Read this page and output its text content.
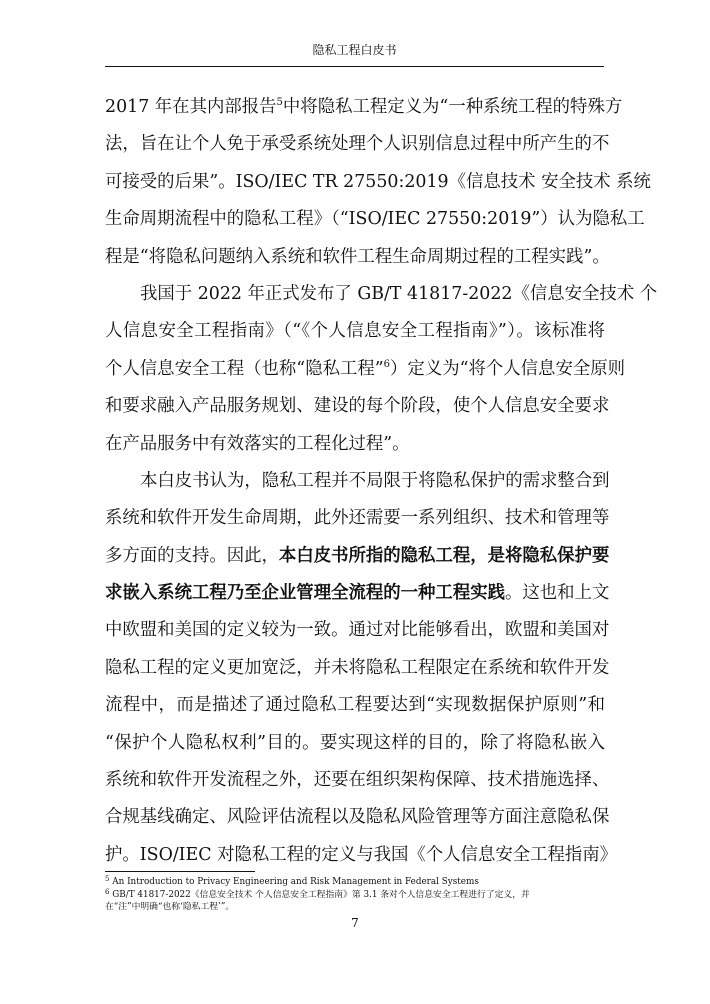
隐私工程白皮书
2017 年在其内部报告$^5$中将隐私工程定义为“一种系统工程的特殊方
法，旨在让个人免于承受系统处理个人识别信息过程中所产生的不
可接受的后果”。ISO/IEC TR 27550:2019《信息技术 安全技术 系统
生命周期流程中的隐私工程》（“ISO/IEC 27550:2019”）认为隐私工
程是“将隐私问题纳入系统和软件工程生命周期过程的工程实践”。
我国于 2022 年正式发布了 GB/T 41817-2022《信息安全技术 个
人信息安全工程指南》（“《个人信息安全工程指南》”）。该标准将
个人信息安全工程（也称“隐私工程”$^6$）定义为“将个人信息安全原则
和要求融入产品服务规划、建设的每个阶段，使个人信息安全要求
在产品服务中有效落实的工程化过程”。
本白皮书认为，隐私工程并不局限于将隐私保护的需求整合到
系统和软件开发生命周期，此外还需要一系列组织、技术和管理等
多方面的支持。因此，本白皮书所指的隐私工程，是将隐私保护要
求嵌入系统工程乃至企业管理全流程的一种工程实践。这也和上文
中欧盟和美国的定义较为一致。通过对比能够看出，欧盟和美国对
隐私工程的定义更加宽泛，并未将隐私工程限定在系统和软件开发
流程中，而是描述了通过隐私工程要达到“实现数据保护原则”和
“保护个人隐私权利”目的。要实现这样的目的，除了将隐私嵌入
系统和软件开发流程之外，还要在组织架构保障、技术措施选择、
合规基线确定、风险评估流程以及隐私风险管理等方面注意隐私保
护。ISO/IEC 对隐私工程的定义与我国《个人信息安全工程指南》
$^5$ An Introduction to Privacy Engineering and Risk Management in Federal Systems
$^6$ GB/T 41817-2022《信息安全技术 个人信息安全工程指南》第 3.1 条对个人信息安全工程进行了定义，并
在“注”中明确“也称‘隐私工程’”。
7
